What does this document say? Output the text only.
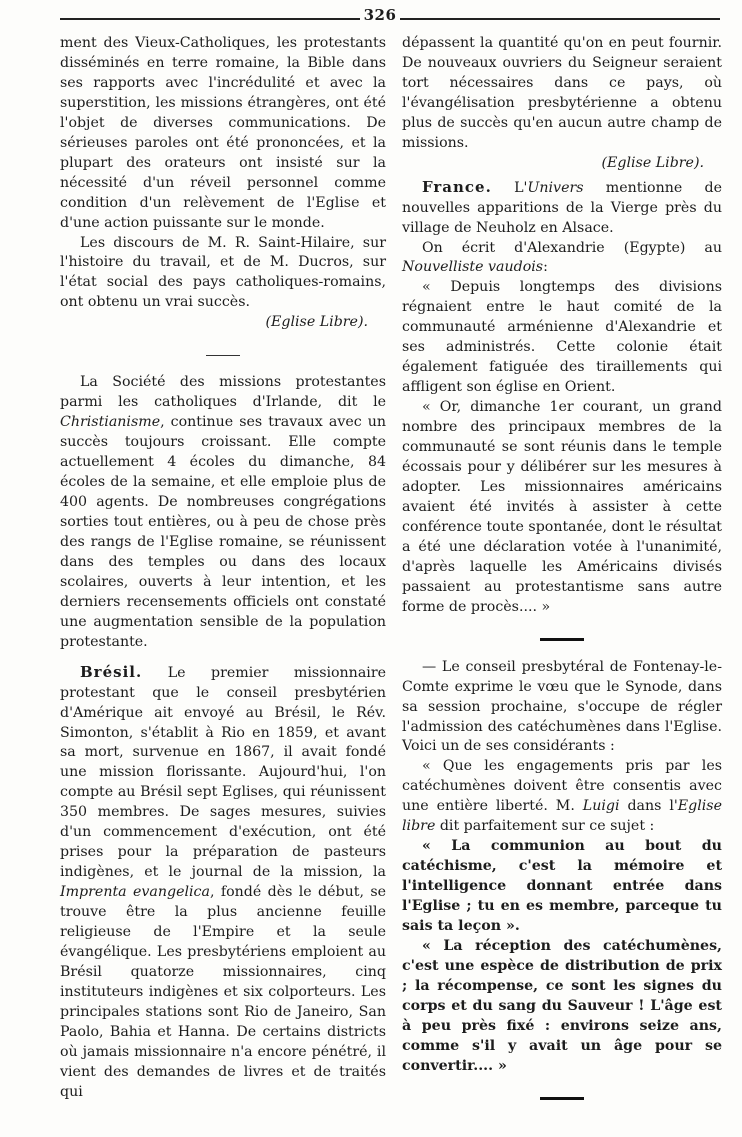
326

ment des Vieux-Catholiques, les protestants disséminés en terre romaine, la Bible dans ses rapports avec l'incrédulité et avec la superstition, les missions étrangères, ont été l'objet de diverses communications. De sérieuses paroles ont été prononcées, et la plupart des orateurs ont insisté sur la nécessité d'un réveil personnel comme condition d'un relèvement de l'Eglise et d'une action puissante sur le monde.

Les discours de M. R. Saint-Hilaire, sur l'histoire du travail, et de M. Ducros, sur l'état social des pays catholiques-romains, ont obtenu un vrai succès.

(Eglise Libre).

La Société des missions protestantes parmi les catholiques d'Irlande, dit le Christianisme, continue ses travaux avec un succès toujours croissant. Elle compte actuellement 4 écoles du dimanche, 84 écoles de la semaine, et elle emploie plus de 400 agents. De nombreuses congrégations sorties tout entières, ou à peu de chose près des rangs de l'Eglise romaine, se réunissent dans des temples ou dans des locaux scolaires, ouverts à leur intention, et les derniers recensements officiels ont constaté une augmentation sensible de la population protestante.

Brésil. Le premier missionnaire protestant que le conseil presbytérien d'Amérique ait envoyé au Brésil, le Rév. Simonton, s'établit à Rio en 1859, et avant sa mort, survenue en 1867, il avait fondé une mission florissante. Aujourd'hui, l'on compte au Brésil sept Eglises, qui réunissent 350 membres. De sages mesures, suivies d'un commencement d'exécution, ont été prises pour la préparation de pasteurs indigènes, et le journal de la mission, la Imprenta evangelica, fondé dès le début, se trouve être la plus ancienne feuille religieuse de l'Empire et la seule évangélique. Les presbytériens emploient au Brésil quatorze missionnaires, cinq instituteurs indigènes et six colporteurs. Les principales stations sont Rio de Janeiro, San Paolo, Bahia et Hanna. De certains districts où jamais missionnaire n'a encore pénétré, il vient des demandes de livres et de traités qui

dépassent la quantité qu'on en peut fournir. De nouveaux ouvriers du Seigneur seraient tort nécessaires dans ce pays, où l'évangélisation presbytérienne a obtenu plus de succès qu'en aucun autre champ de missions.

(Eglise Libre).

France. L'Univers mentionne de nouvelles apparitions de la Vierge près du village de Neuholz en Alsace.

On écrit d'Alexandrie (Egypte) au Nouvelliste vaudois:

« Depuis longtemps des divisions régnaient entre le haut comité de la communauté arménienne d'Alexandrie et ses administrés. Cette colonie était également fatiguée des tiraillements qui affligent son église en Orient.

« Or, dimanche 1er courant, un grand nombre des principaux membres de la communauté se sont réunis dans le temple écossais pour y délibérer sur les mesures à adopter. Les missionnaires américains avaient été invités à assister à cette conférence toute spontanée, dont le résultat a été une déclaration votée à l'unanimité, d'après laquelle les Américains divisés passaient au protestantisme sans autre forme de procès.... »

— Le conseil presbytéral de Fontenay-le-Comte exprime le vœu que le Synode, dans sa session prochaine, s'occupe de régler l'admission des catéchumènes dans l'Eglise. Voici un de ses considérants :

« Que les engagements pris par les catéchumènes doivent être consentis avec une entière liberté. M. Luigi dans l'Eglise libre dit parfaitement sur ce sujet :

« La communion au bout du catéchisme, c'est la mémoire et l'intelligence donnant entrée dans l'Eglise ; tu en es membre, parceque tu sais ta leçon ».

« La réception des catéchumènes, c'est une espèce de distribution de prix ; la récompense, ce sont les signes du corps et du sang du Sauveur ! L'âge est à peu près fixé : environs seize ans, comme s'il y avait un âge pour se convertir.... »
